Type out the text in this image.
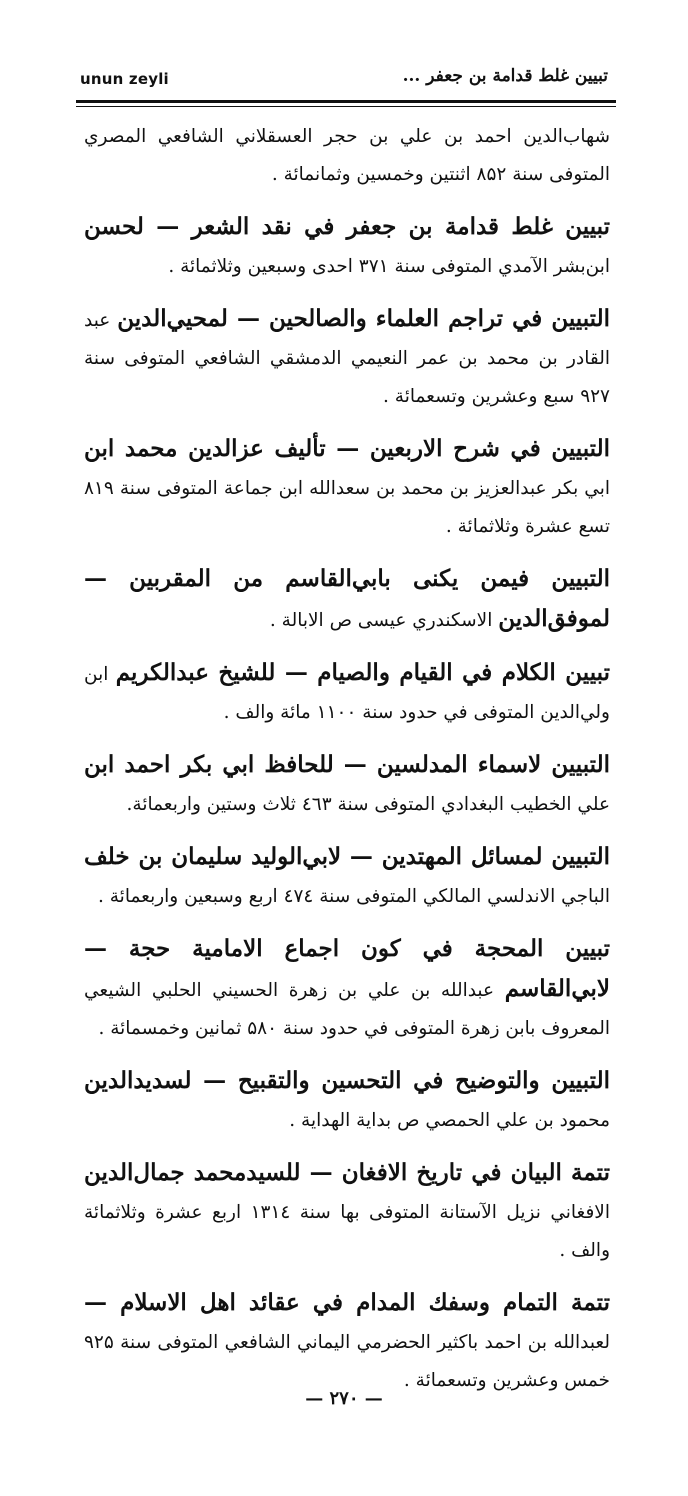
unun zeyli	تبيين غلط قدامة بن جعفر ...

شهاب‌الدين احمد بن علي بن حجر العسقلاني الشافعي المصري المتوفى سنة ۸۵۲ اثنتين وخمسين وثمانمائة .

تبيين غلط قدامة بن جعفر في نقد الشعر — لحسن ابن‌بشر الآمدي المتوفى سنة ۳۷۱ احدى وسبعين وثلاثمائة .

التبيين في تراجم العلماء والصالحين — لمحيي‌الدين عبد القادر بن محمد بن عمر النعيمي الدمشقي الشافعي المتوفى سنة ۹۲۷ سبع وعشرين وتسعمائة .

التبيين في شرح الاربعين — تأليف عزالدين محمد ابن ابي بكر عبدالعزيز بن محمد بن سعدالله ابن جماعة المتوفى سنة ۸۱۹ تسع عشرة وثلاثمائة .

التبيين فيمن يكنى بابي‌القاسم من المقربين — لموفق‌الدين الاسكندري عيسى ص الابالة .

تبيين الكلام في القيام والصيام — للشيخ عبدالكريم ابن ولي‌الدين المتوفى في حدود سنة ۱۱۰۰ مائة والف .

التبيين لاسماء المدلسين — للحافظ ابي بكر احمد ابن علي الخطيب البغدادي المتوفى سنة ٤٦۳ ثلاث وستين واربعمائة.

التبيين لمسائل المهتدين — لابي‌الوليد سليمان بن خلف الباجي الاندلسي المالكي المتوفى سنة ٤۷٤ اربع وسبعين واربعمائة .

تبيين المحجة في كون اجماع الامامية حجة — لابي‌القاسم عبدالله بن علي بن زهرة الحسيني الحلبي الشيعي المعروف بابن زهرة المتوفى في حدود سنة ۵۸۰ ثمانين وخمسمائة .

التبيين والتوضيح في التحسين والتقبيح — لسديدالدين محمود بن علي الحمصي ص بداية الهداية .

تتمة البيان في تاريخ الافغان — للسيدمحمد جمال‌الدين الافغاني نزيل الآستانة المتوفى بها سنة ۱۳۱٤ اربع عشرة وثلاثمائة والف .

تتمة التمام وسفك المدام في عقائد اهل الاسلام — لعبدالله بن احمد باكثير الحضرمي اليماني الشافعي المتوفى سنة ۹۲۵ خمس وعشرين وتسعمائة .

— ۲۷۰ —
